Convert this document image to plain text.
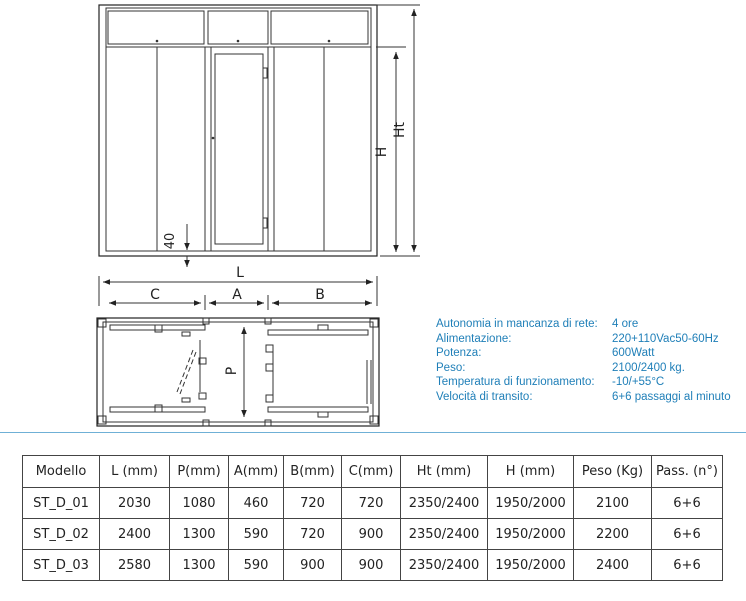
40
H
Ht
L
C	A	B
P
Autonomia in mancanza di rete:	4 ore
Alimentazione:	220+110Vac50-60Hz
Potenza:	600Watt
Peso:	2100/2400 kg.
Temperatura di funzionamento:	-10/+55°C
Velocità di transito:	6+6 passaggi al minuto
Modello	L (mm)	P(mm)	A(mm)	B(mm)	C(mm)	Ht (mm)	H (mm)	Peso (Kg)	Pass. (n°)
ST_D_01	2030	1080	460	720	720	2350/2400	1950/2000	2100	6+6
ST_D_02	2400	1300	590	720	900	2350/2400	1950/2000	2200	6+6
ST_D_03	2580	1300	590	900	900	2350/2400	1950/2000	2400	6+6
